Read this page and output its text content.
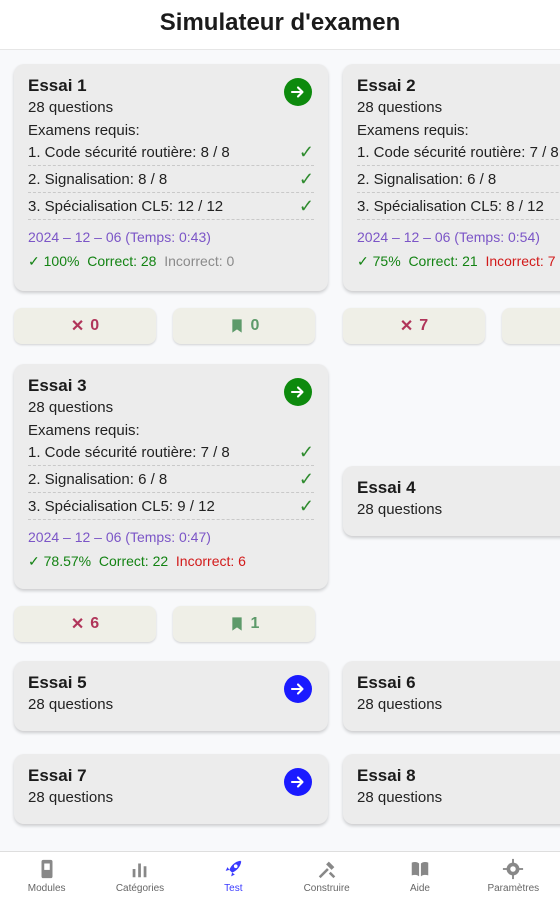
Simulateur d'examen
Essai 1
28 questions
Examens requis:
1. Code sécurité routière: 8 / 8	✓
2. Signalisation: 8 / 8	✓
3. Spécialisation CL5: 12 / 12	✓
2024 – 12 – 06 (Temps: 0:43)
✓ 100% Correct: 28 Incorrect: 0
Essai 2
28 questions
Examens requis:
1. Code sécurité routière: 7 / 8
2. Signalisation: 6 / 8
3. Spécialisation CL5: 8 / 12
2024 – 12 – 06 (Temps: 0:54)
✓ 75% Correct: 21 Incorrect: 7
✕ 0	0	✕ 7
Essai 3
28 questions
Examens requis:
1. Code sécurité routière: 7 / 8	✓
2. Signalisation: 6 / 8	✓
3. Spécialisation CL5: 9 / 12	✓
2024 – 12 – 06 (Temps: 0:47)
✓ 78.57% Correct: 22 Incorrect: 6
Essai 4
28 questions
✕ 6	1
Essai 5
28 questions
Essai 6
28 questions
Essai 7
28 questions
Essai 8
28 questions
Modules	Catégories	Test	Construire	Aide	Paramètres
